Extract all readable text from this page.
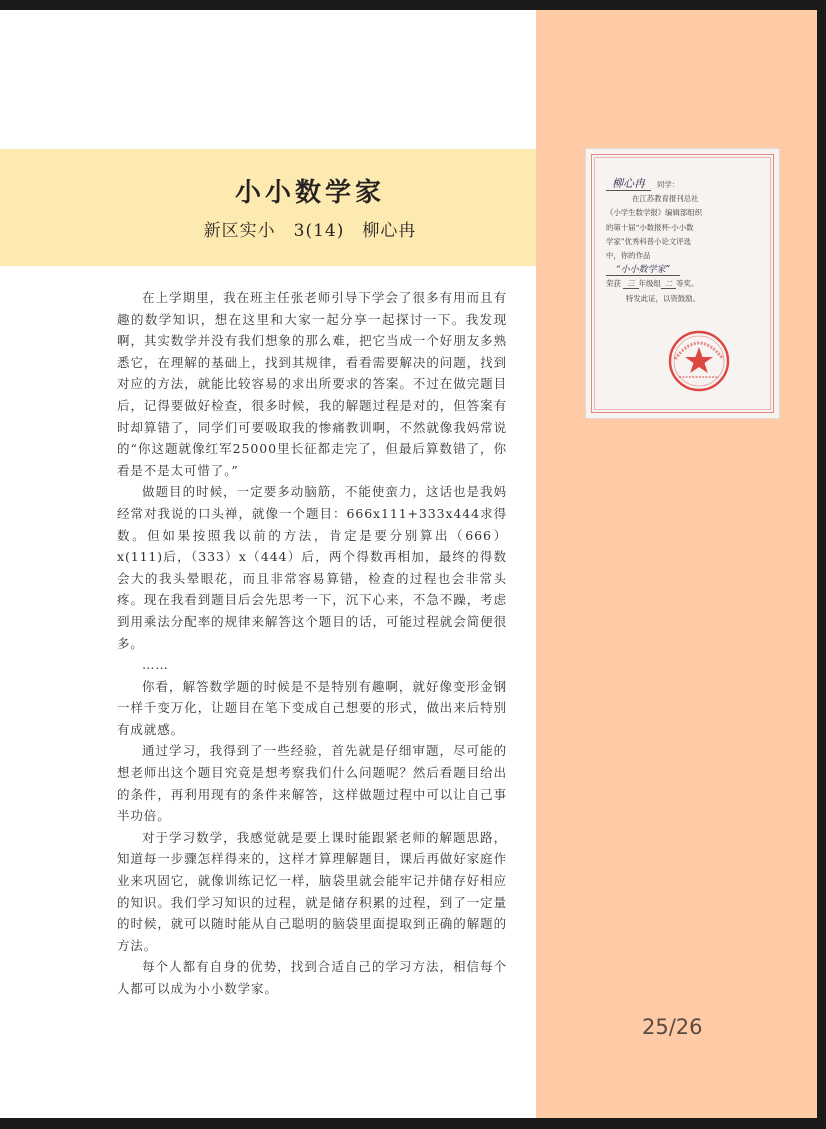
小小数学家
新区实小　3(14)　柳心冉

在上学期里，我在班主任张老师引导下学会了很多有用而且有趣的数学知识，想在这里和大家一起分享一起探讨一下。我发现啊，其实数学并没有我们想象的那么难，把它当成一个好朋友多熟悉它，在理解的基础上，找到其规律，看看需要解决的问题，找到对应的方法，就能比较容易的求出所要求的答案。不过在做完题目后，记得要做好检查，很多时候，我的解题过程是对的，但答案有时却算错了，同学们可要吸取我的惨痛教训啊，不然就像我妈常说的“你这题就像红军25000里长征都走完了，但最后算数错了，你看是不是太可惜了。”

做题目的时候，一定要多动脑筋，不能使蛮力，这话也是我妈经常对我说的口头禅，就像一个题目：666x111+333x444求得数。但如果按照我以前的方法，肯定是要分别算出（666）x(111)后，（333）x（444）后，两个得数再相加，最终的得数会大的我头晕眼花，而且非常容易算错，检查的过程也会非常头疼。现在我看到题目后会先思考一下，沉下心来，不急不躁，考虑到用乘法分配率的规律来解答这个题目的话，可能过程就会简便很多。

……

你看，解答数学题的时候是不是特别有趣啊，就好像变形金钢一样千变万化，让题目在笔下变成自己想要的形式，做出来后特别有成就感。

通过学习，我得到了一些经验，首先就是仔细审题，尽可能的想老师出这个题目究竟是想考察我们什么问题呢？然后看题目给出的条件，再利用现有的条件来解答，这样做题过程中可以让自己事半功倍。

对于学习数学，我感觉就是要上课时能跟紧老师的解题思路，知道每一步骤怎样得来的，这样才算理解题目，课后再做好家庭作业来巩固它，就像训练记忆一样，脑袋里就会能牢记并储存好相应的知识。我们学习知识的过程，就是储存积累的过程，到了一定量的时候，就可以随时能从自己聪明的脑袋里面提取到正确的解题的方法。

每个人都有自身的优势，找到合适自己的学习方法，相信每个人都可以成为小小数学家。

柳心冉 同学：
在江苏教育报刊总社
《小学生数学报》编辑部组织
的第十届“小数报杯·小小数
学家”优秀科普小论文评选
中，你的作品
“小小数学家”
荣获 三 年级组 二 等奖。
特发此证，以资鼓励。
25/26
